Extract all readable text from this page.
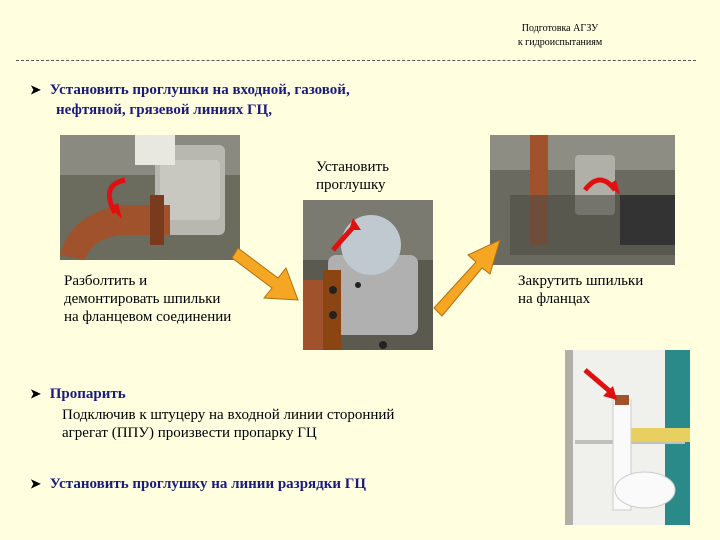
Подготовка АГЗУ
к гидроиспытаниям
➤ Установить проглушки на входной, газовой,
нефтяной, грязевой линиях ГЦ,
Установить
проглушку
Разболтить и
демонтировать шпильки
на фланцевом соединении
Закрутить шпильки
на фланцах
➤ Пропарить
Подключив к штуцеру на входной линии сторонний
агрегат (ППУ) произвести пропарку ГЦ
➤ Установить проглушку на линии разрядки ГЦ
